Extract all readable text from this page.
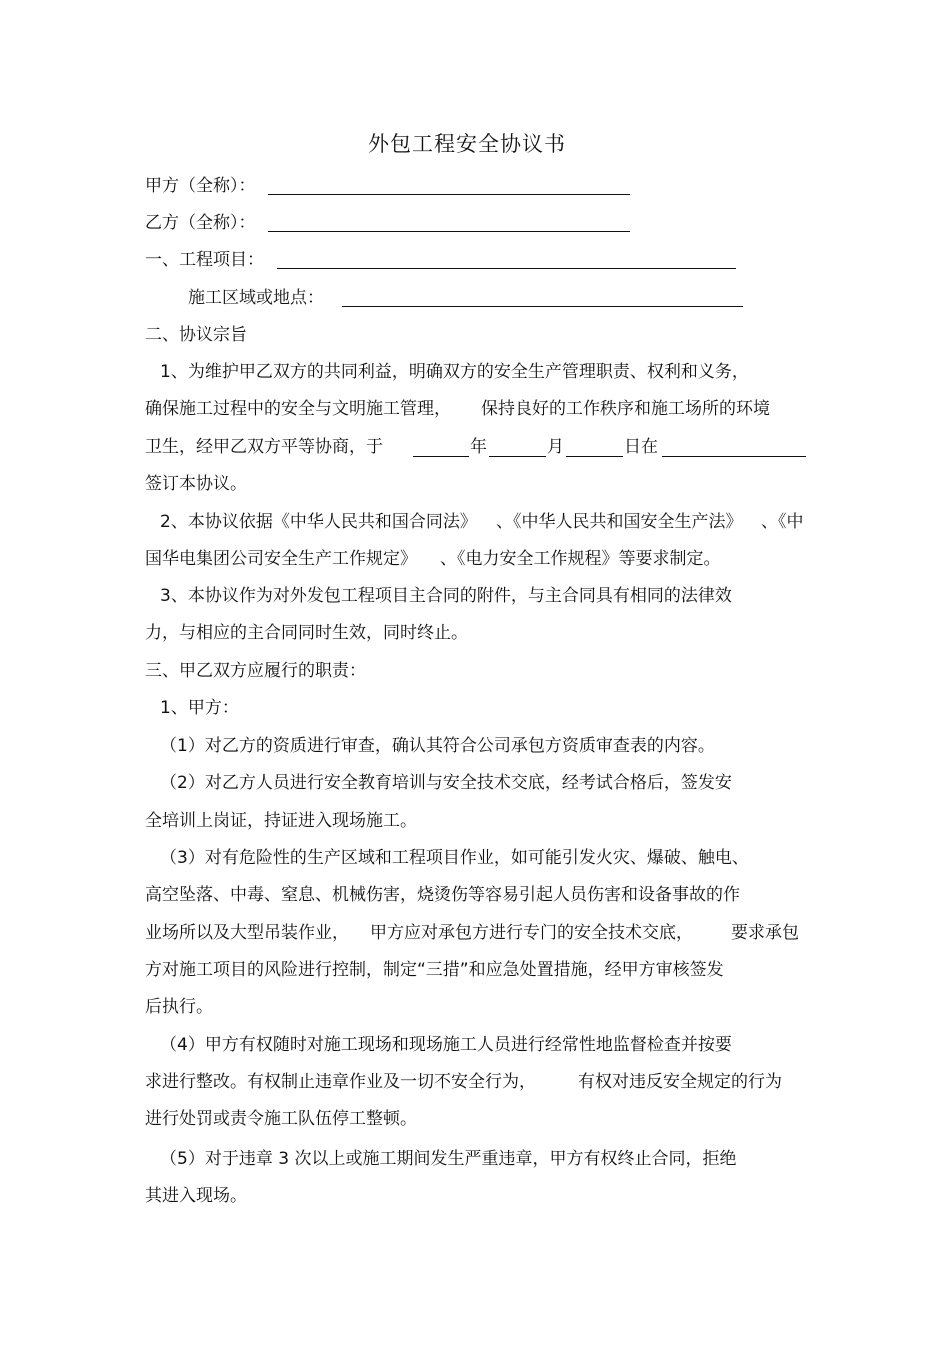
外包工程安全协议书
甲方（全称）：
乙方（全称）：
一、工程项目：
施工区域或地点：
二、协议宗旨
1、为维护甲乙双方的共同利益，明确双方的安全生产管理职责、权利和义务，
确保施工过程中的安全与文明施工管理， 保持良好的工作秩序和施工场所的环境
卫生，经甲乙双方平等协商，于	年	月	日在
签订本协议。
2、本协议依据《中华人民共和国合同法》 、《中华人民共和国安全生产法》 、《中
国华电集团公司安全生产工作规定》 、《电力安全工作规程》等要求制定。
3、本协议作为对外发包工程项目主合同的附件，与主合同具有相同的法律效
力，与相应的主合同同时生效，同时终止。
三、甲乙双方应履行的职责：
1、甲方：
（1）对乙方的资质进行审查，确认其符合公司承包方资质审查表的内容。
（2）对乙方人员进行安全教育培训与安全技术交底，经考试合格后，签发安
全培训上岗证，持证进入现场施工。
（3）对有危险性的生产区域和工程项目作业，如可能引发火灾、爆破、触电、
高空坠落、中毒、窒息、机械伤害，烧烫伤等容易引起人员伤害和设备事故的作
业场所以及大型吊装作业， 甲方应对承包方进行专门的安全技术交底， 要求承包
方对施工项目的风险进行控制，制定“三措”和应急处置措施，经甲方审核签发
后执行。
（4）甲方有权随时对施工现场和现场施工人员进行经常性地监督检查并按要
求进行整改。有权制止违章作业及一切不安全行为， 有权对违反安全规定的行为
进行处罚或责令施工队伍停工整顿。
（5）对于违章 3 次以上或施工期间发生严重违章，甲方有权终止合同，拒绝
其进入现场。
